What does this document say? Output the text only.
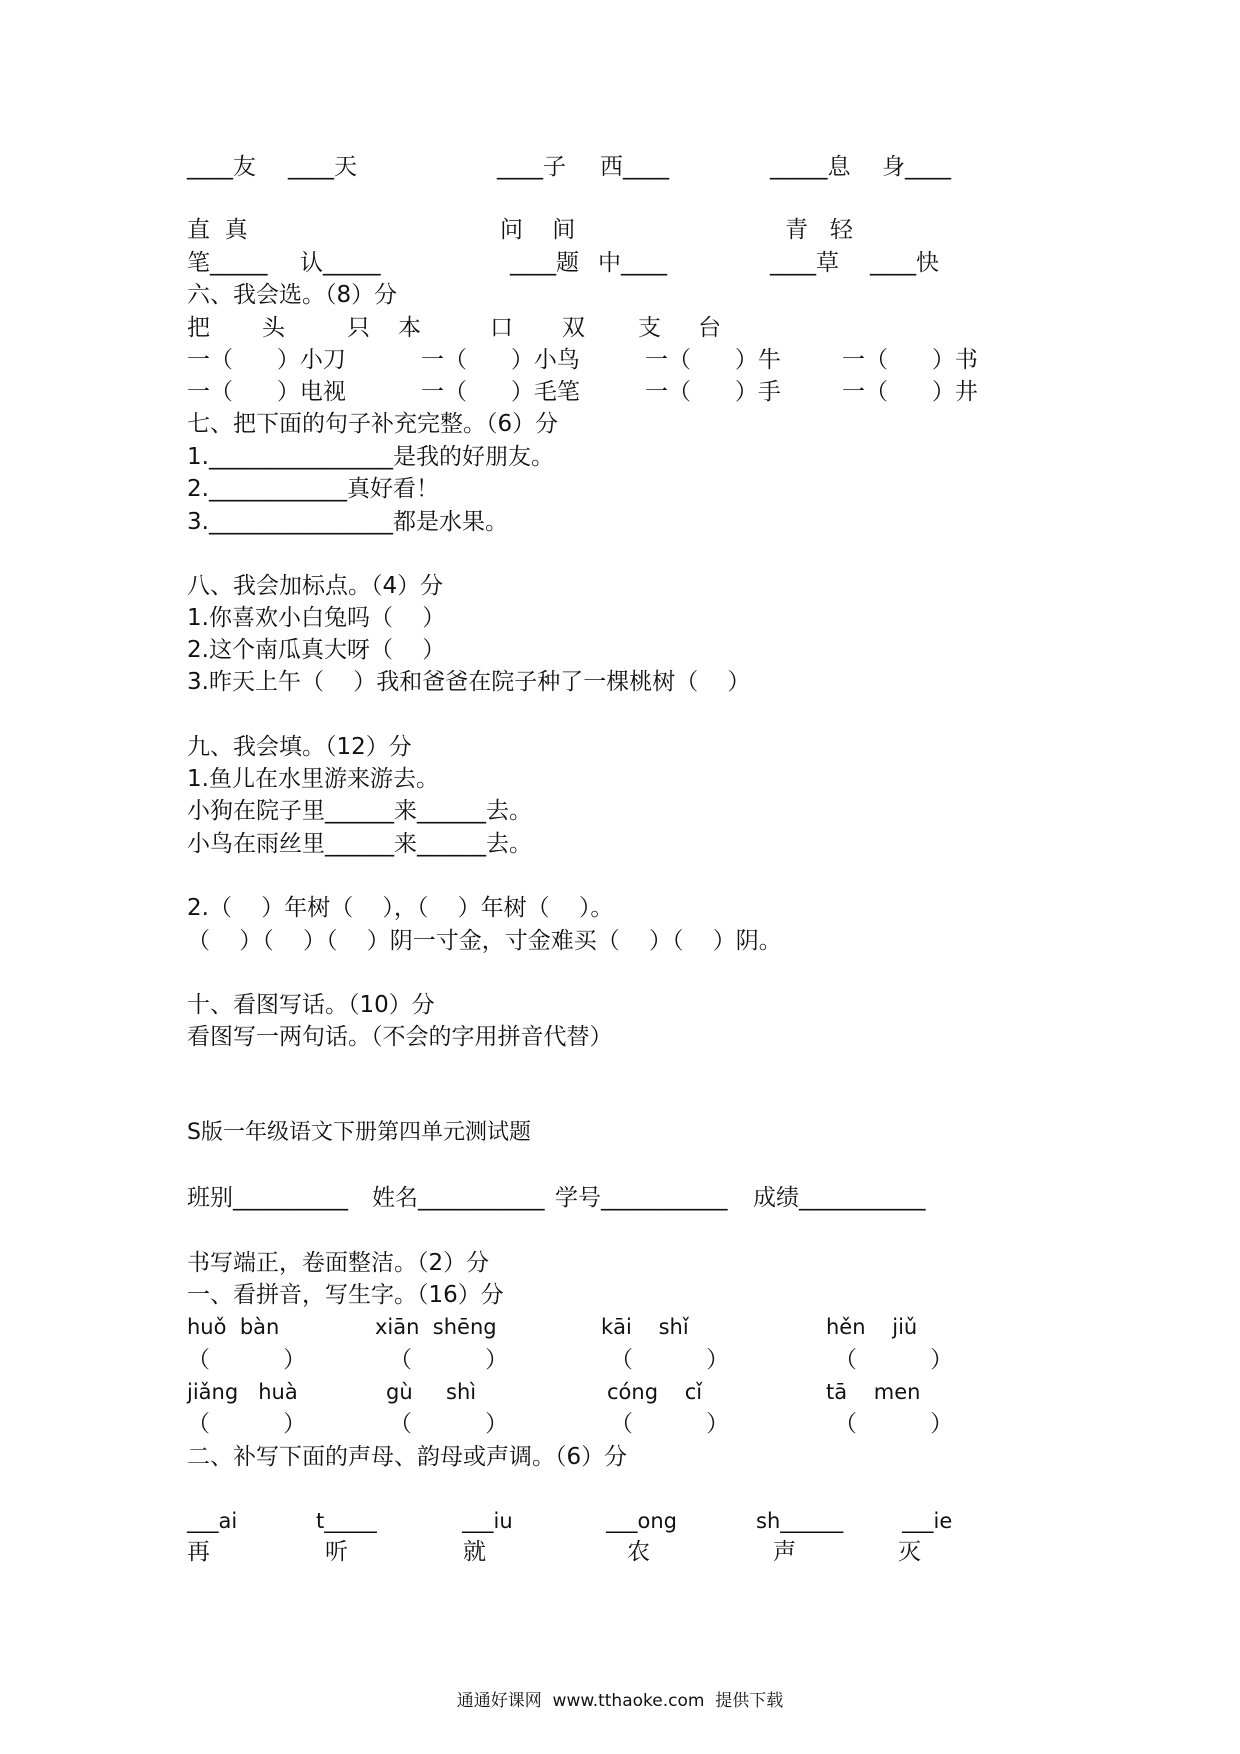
____友 ____天	____子 西____	_____息 身____
直  真	问    间	青   轻
笔_____ 认_____	____题 中____	____草 ____快
六、我会选。（8）分
把 头	只 本	口 双 支 台
一（      ）小刀	一（      ）小鸟	一（      ）牛	一（      ）书
一（      ）电视	一（      ）毛笔	一（      ）手	一（      ）井
七、把下面的句子补充完整。（6）分
1.________________是我的好朋友。
2.____________真好看！
3.________________都是水果。
八、我会加标点。（4）分
1.你喜欢小白兔吗（    ）
2.这个南瓜真大呀（    ）
3.昨天上午（    ）我和爸爸在院子种了一棵桃树（    ）
九、我会填。（12）分
1.鱼儿在水里游来游去。
小狗在院子里______来______去。
小鸟在雨丝里______来______去。
2.（    ）年树（    ），（    ）年树（    ）。
（    ）（    ）（    ）阴一寸金，寸金难买（    ）（    ）阴。
十、看图写话。（10）分
看图写一两句话。（不会的字用拼音代替）
S版一年级语文下册第四单元测试题
班别__________ 姓名___________ 学号___________ 成绩___________
书写端正，卷面整洁。（2）分
一、看拼音，写生字。（16）分
huǒ  bàn	xiān  shēng	kāi    shǐ	hěn    jiǔ
（          ）	（          ）	（          ）	（          ）
jiǎng   huà	gù     shì	cóng    cǐ	tā    men
（          ）	（          ）	（          ）	（          ）
二、补写下面的声母、韵母或声调。（6）分
___ai	t_____	___iu	___ong	sh______	___ie
再	听	就	农	声	灭
通通好课网  www.tthaoke.com  提供下载
